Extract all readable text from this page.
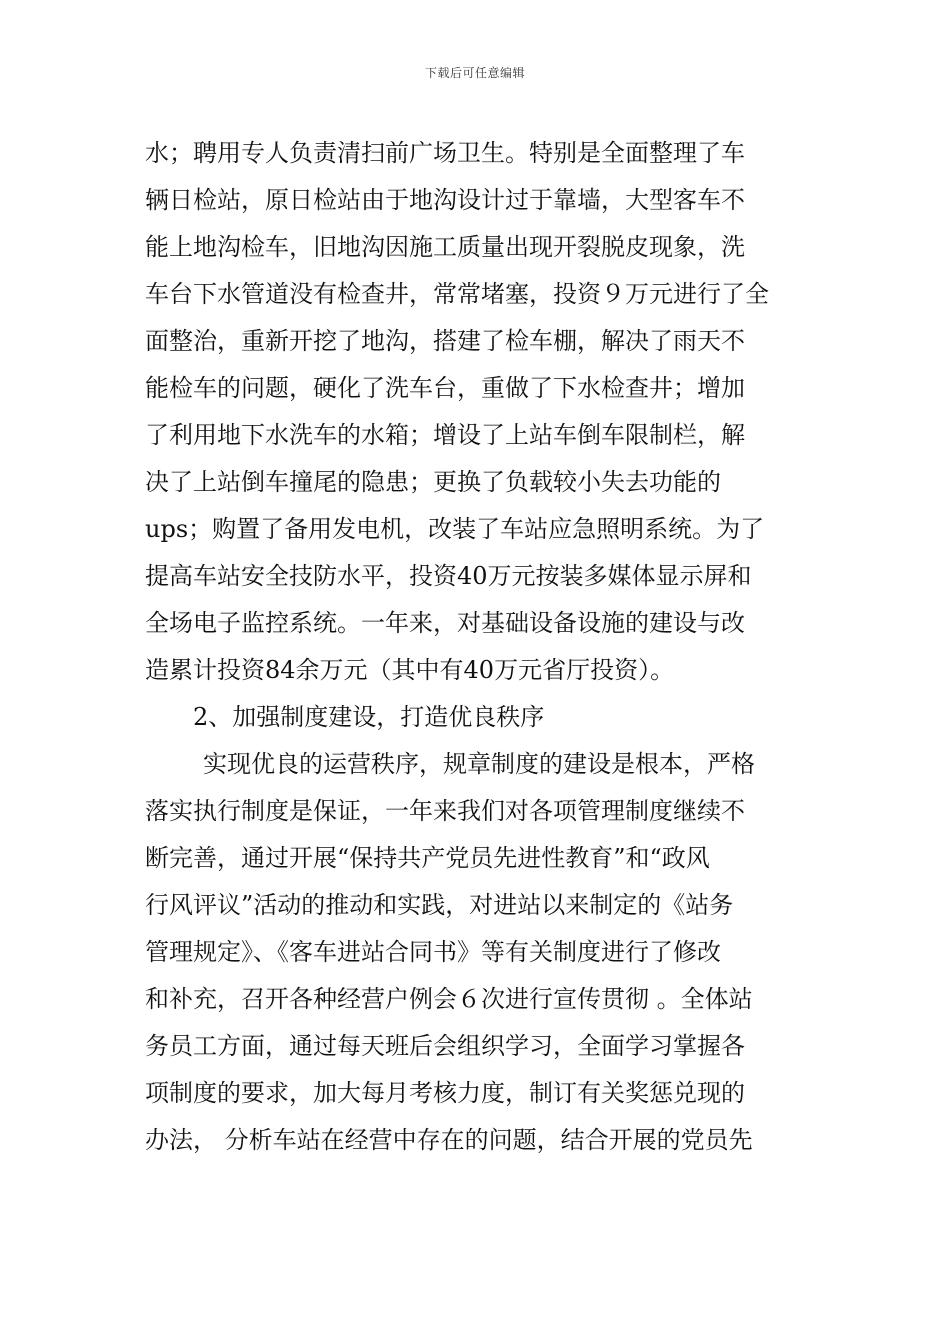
下载后可任意编辑
水；聘用专人负责清扫前广场卫生。特别是全面整理了车
辆日检站，原日检站由于地沟设计过于靠墙，大型客车不
能上地沟检车，旧地沟因施工质量出现开裂脱皮现象，洗
车台下水管道没有检查井，常常堵塞，投资９万元进行了全
面整治，重新开挖了地沟，搭建了检车棚，解决了雨天不
能检车的问题，硬化了洗车台，重做了下水检查井；增加
了利用地下水洗车的水箱；增设了上站车倒车限制栏，解
决了上站倒车撞尾的隐患；更换了负载较小失去功能的
ups；购置了备用发电机，改装了车站应急照明系统。为了
提高车站安全技防水平，投资40万元按装多媒体显示屏和
全场电子监控系统。一年来，对基础设备设施的建设与改
造累计投资84余万元（其中有40万元省厅投资）。
2、加强制度建设，打造优良秩序
实现优良的运营秩序，规章制度的建设是根本，严格
落实执行制度是保证，一年来我们对各项管理制度继续不
断完善，通过开展“保持共产党员先进性教育”和“政风
行风评议”活动的推动和实践，对进站以来制定的《站务
管理规定》、《客车进站合同书》等有关制度进行了修改
和补充，召开各种经营户例会６次进行宣传贯彻 。全体站
务员工方面，通过每天班后会组织学习，全面学习掌握各
项制度的要求，加大每月考核力度，制订有关奖惩兑现的
办法， 分析车站在经营中存在的问题，结合开展的党员先
